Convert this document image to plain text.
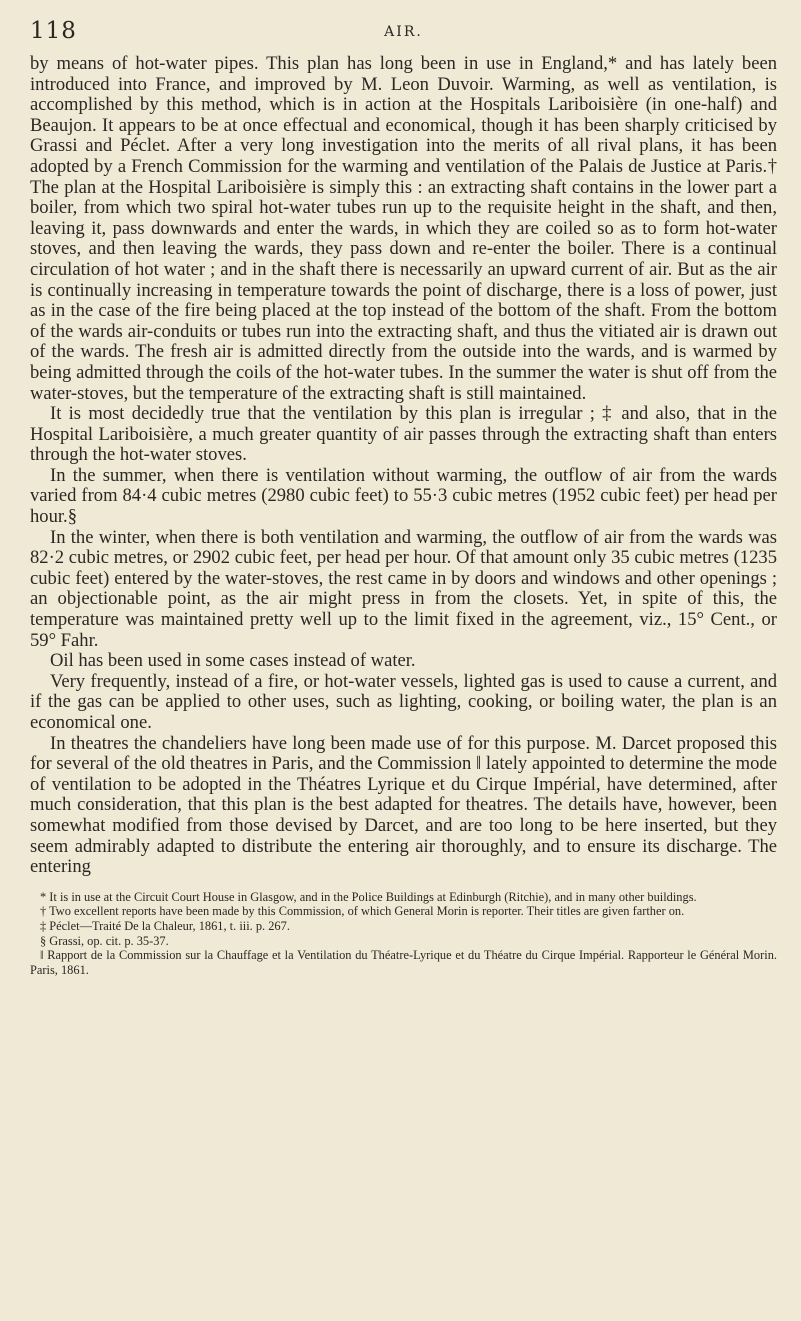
118	AIR.

by means of hot-water pipes. This plan has long been in use in England,* and has lately been introduced into France, and improved by M. Leon Duvoir. Warming, as well as ventilation, is accomplished by this method, which is in action at the Hospitals Lariboisière (in one-half) and Beaujon. It appears to be at once effectual and economical, though it has been sharply criticised by Grassi and Péclet. After a very long investigation into the merits of all rival plans, it has been adopted by a French Commission for the warming and ventilation of the Palais de Justice at Paris.† The plan at the Hospital Lariboisière is simply this : an extracting shaft contains in the lower part a boiler, from which two spiral hot-water tubes run up to the requisite height in the shaft, and then, leaving it, pass downwards and enter the wards, in which they are coiled so as to form hot-water stoves, and then leaving the wards, they pass down and re-enter the boiler. There is a continual circulation of hot water ; and in the shaft there is necessarily an upward current of air. But as the air is continually increasing in temperature towards the point of discharge, there is a loss of power, just as in the case of the fire being placed at the top instead of the bottom of the shaft. From the bottom of the wards air-conduits or tubes run into the extracting shaft, and thus the vitiated air is drawn out of the wards. The fresh air is admitted directly from the outside into the wards, and is warmed by being admitted through the coils of the hot-water tubes. In the summer the water is shut off from the water-stoves, but the temperature of the extracting shaft is still maintained.

It is most decidedly true that the ventilation by this plan is irregular ; ‡ and also, that in the Hospital Lariboisière, a much greater quantity of air passes through the extracting shaft than enters through the hot-water stoves.

In the summer, when there is ventilation without warming, the outflow of air from the wards varied from 84·4 cubic metres (2980 cubic feet) to 55·3 cubic metres (1952 cubic feet) per head per hour.§

In the winter, when there is both ventilation and warming, the outflow of air from the wards was 82·2 cubic metres, or 2902 cubic feet, per head per hour. Of that amount only 35 cubic metres (1235 cubic feet) entered by the water-stoves, the rest came in by doors and windows and other openings ; an objectionable point, as the air might press in from the closets. Yet, in spite of this, the temperature was maintained pretty well up to the limit fixed in the agreement, viz., 15° Cent., or 59° Fahr.

Oil has been used in some cases instead of water.

Very frequently, instead of a fire, or hot-water vessels, lighted gas is used to cause a current, and if the gas can be applied to other uses, such as lighting, cooking, or boiling water, the plan is an economical one.

In theatres the chandeliers have long been made use of for this purpose. M. Darcet proposed this for several of the old theatres in Paris, and the Commission ‖ lately appointed to determine the mode of ventilation to be adopted in the Théatres Lyrique et du Cirque Impérial, have determined, after much consideration, that this plan is the best adapted for theatres. The details have, however, been somewhat modified from those devised by Darcet, and are too long to be here inserted, but they seem admirably adapted to distribute the entering air thoroughly, and to ensure its discharge. The entering

* It is in use at the Circuit Court House in Glasgow, and in the Police Buildings at Edinburgh (Ritchie), and in many other buildings.

† Two excellent reports have been made by this Commission, of which General Morin is reporter. Their titles are given farther on.

‡ Péclet—Traité De la Chaleur, 1861, t. iii. p. 267.

§ Grassi, op. cit. p. 35-37.

‖ Rapport de la Commission sur la Chauffage et la Ventilation du Théatre-Lyrique et du Théatre du Cirque Impérial. Rapporteur le Général Morin. Paris, 1861.
